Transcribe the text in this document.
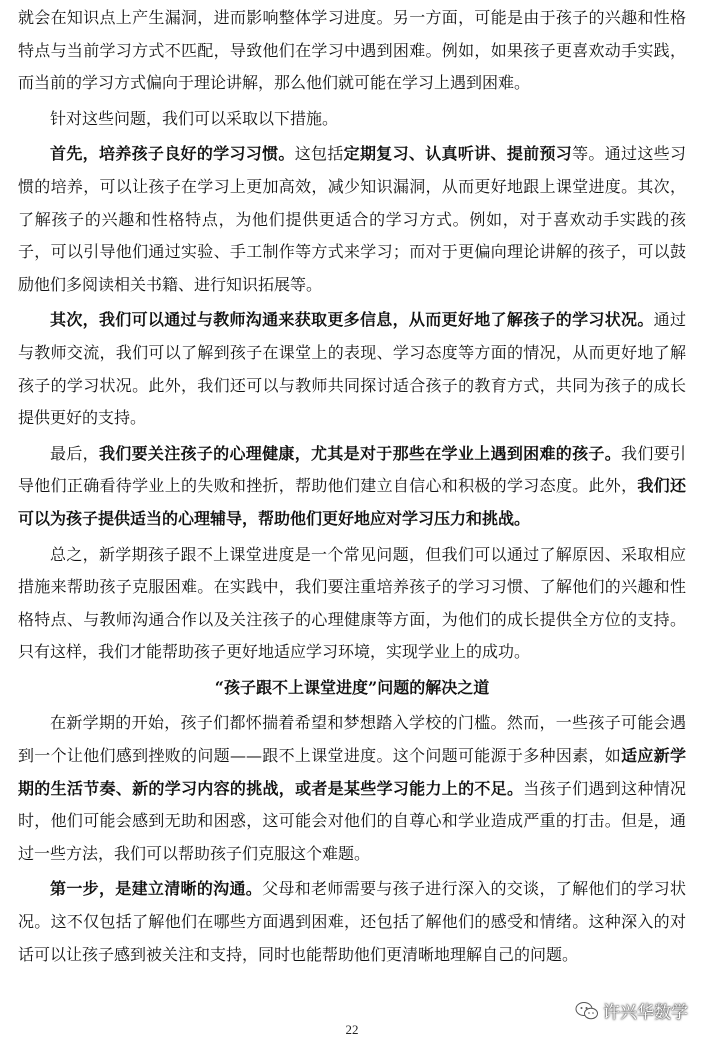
就会在知识点上产生漏洞，进而影响整体学习进度。另一方面，可能是由于孩子的兴趣和性格特点与当前学习方式不匹配，导致他们在学习中遇到困难。例如，如果孩子更喜欢动手实践，而当前的学习方式偏向于理论讲解，那么他们就可能在学习上遇到困难。

针对这些问题，我们可以采取以下措施。

首先，培养孩子良好的学习习惯。这包括定期复习、认真听讲、提前预习等。通过这些习惯的培养，可以让孩子在学习上更加高效，减少知识漏洞，从而更好地跟上课堂进度。其次，了解孩子的兴趣和性格特点，为他们提供更适合的学习方式。例如，对于喜欢动手实践的孩子，可以引导他们通过实验、手工制作等方式来学习；而对于更偏向理论讲解的孩子，可以鼓励他们多阅读相关书籍、进行知识拓展等。

其次，我们可以通过与教师沟通来获取更多信息，从而更好地了解孩子的学习状况。通过与教师交流，我们可以了解到孩子在课堂上的表现、学习态度等方面的情况，从而更好地了解孩子的学习状况。此外，我们还可以与教师共同探讨适合孩子的教育方式，共同为孩子的成长提供更好的支持。

最后，我们要关注孩子的心理健康，尤其是对于那些在学业上遇到困难的孩子。我们要引导他们正确看待学业上的失败和挫折，帮助他们建立自信心和积极的学习态度。此外，我们还可以为孩子提供适当的心理辅导，帮助他们更好地应对学习压力和挑战。

总之，新学期孩子跟不上课堂进度是一个常见问题，但我们可以通过了解原因、采取相应措施来帮助孩子克服困难。在实践中，我们要注重培养孩子的学习习惯、了解他们的兴趣和性格特点、与教师沟通合作以及关注孩子的心理健康等方面，为他们的成长提供全方位的支持。只有这样，我们才能帮助孩子更好地适应学习环境，实现学业上的成功。

“孩子跟不上课堂进度”问题的解决之道

在新学期的开始，孩子们都怀揣着希望和梦想踏入学校的门槛。然而，一些孩子可能会遇到一个让他们感到挫败的问题——跟不上课堂进度。这个问题可能源于多种因素，如适应新学期的生活节奏、新的学习内容的挑战，或者是某些学习能力上的不足。当孩子们遇到这种情况时，他们可能会感到无助和困惑，这可能会对他们的自尊心和学业造成严重的打击。但是，通过一些方法，我们可以帮助孩子们克服这个难题。

第一步，是建立清晰的沟通。父母和老师需要与孩子进行深入的交谈，了解他们的学习状况。这不仅包括了解他们在哪些方面遇到困难，还包括了解他们的感受和情绪。这种深入的对话可以让孩子感到被关注和支持，同时也能帮助他们更清晰地理解自己的问题。

22
许兴华数学
